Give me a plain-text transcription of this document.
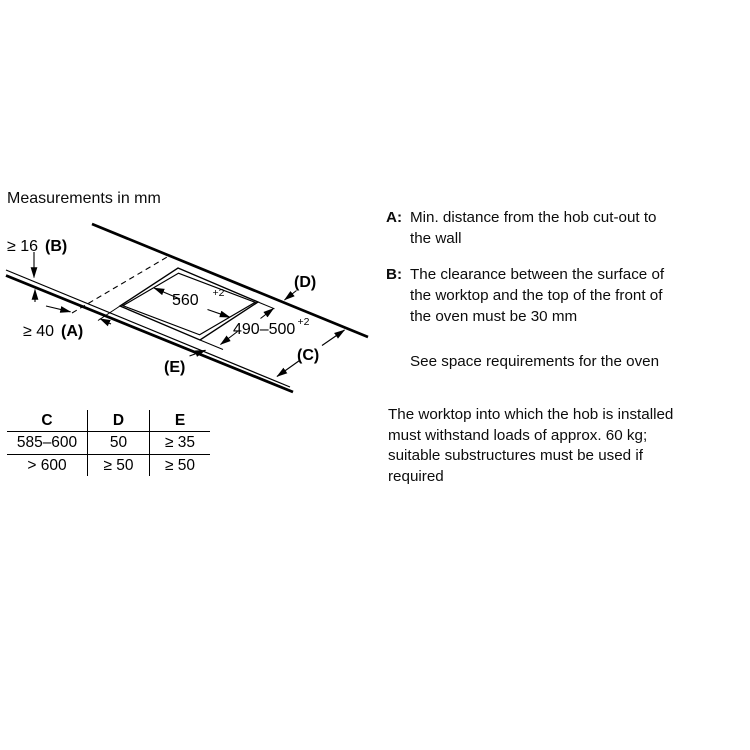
Measurements in mm
≥ 16 (B)
≥ 40 (A)
560 +2
490–500 +2
(D)
(C)
(E)
C	D	E
585–600	50	≥ 35
> 600	≥ 50	≥ 50
A: Min. distance from the hob cut-out to
the wall
B: The clearance between the surface of
the worktop and the top of the front of
the oven must be 30 mm
See space requirements for the oven
The worktop into which the hob is installed
must withstand loads of approx. 60 kg;
suitable substructures must be used if
required
